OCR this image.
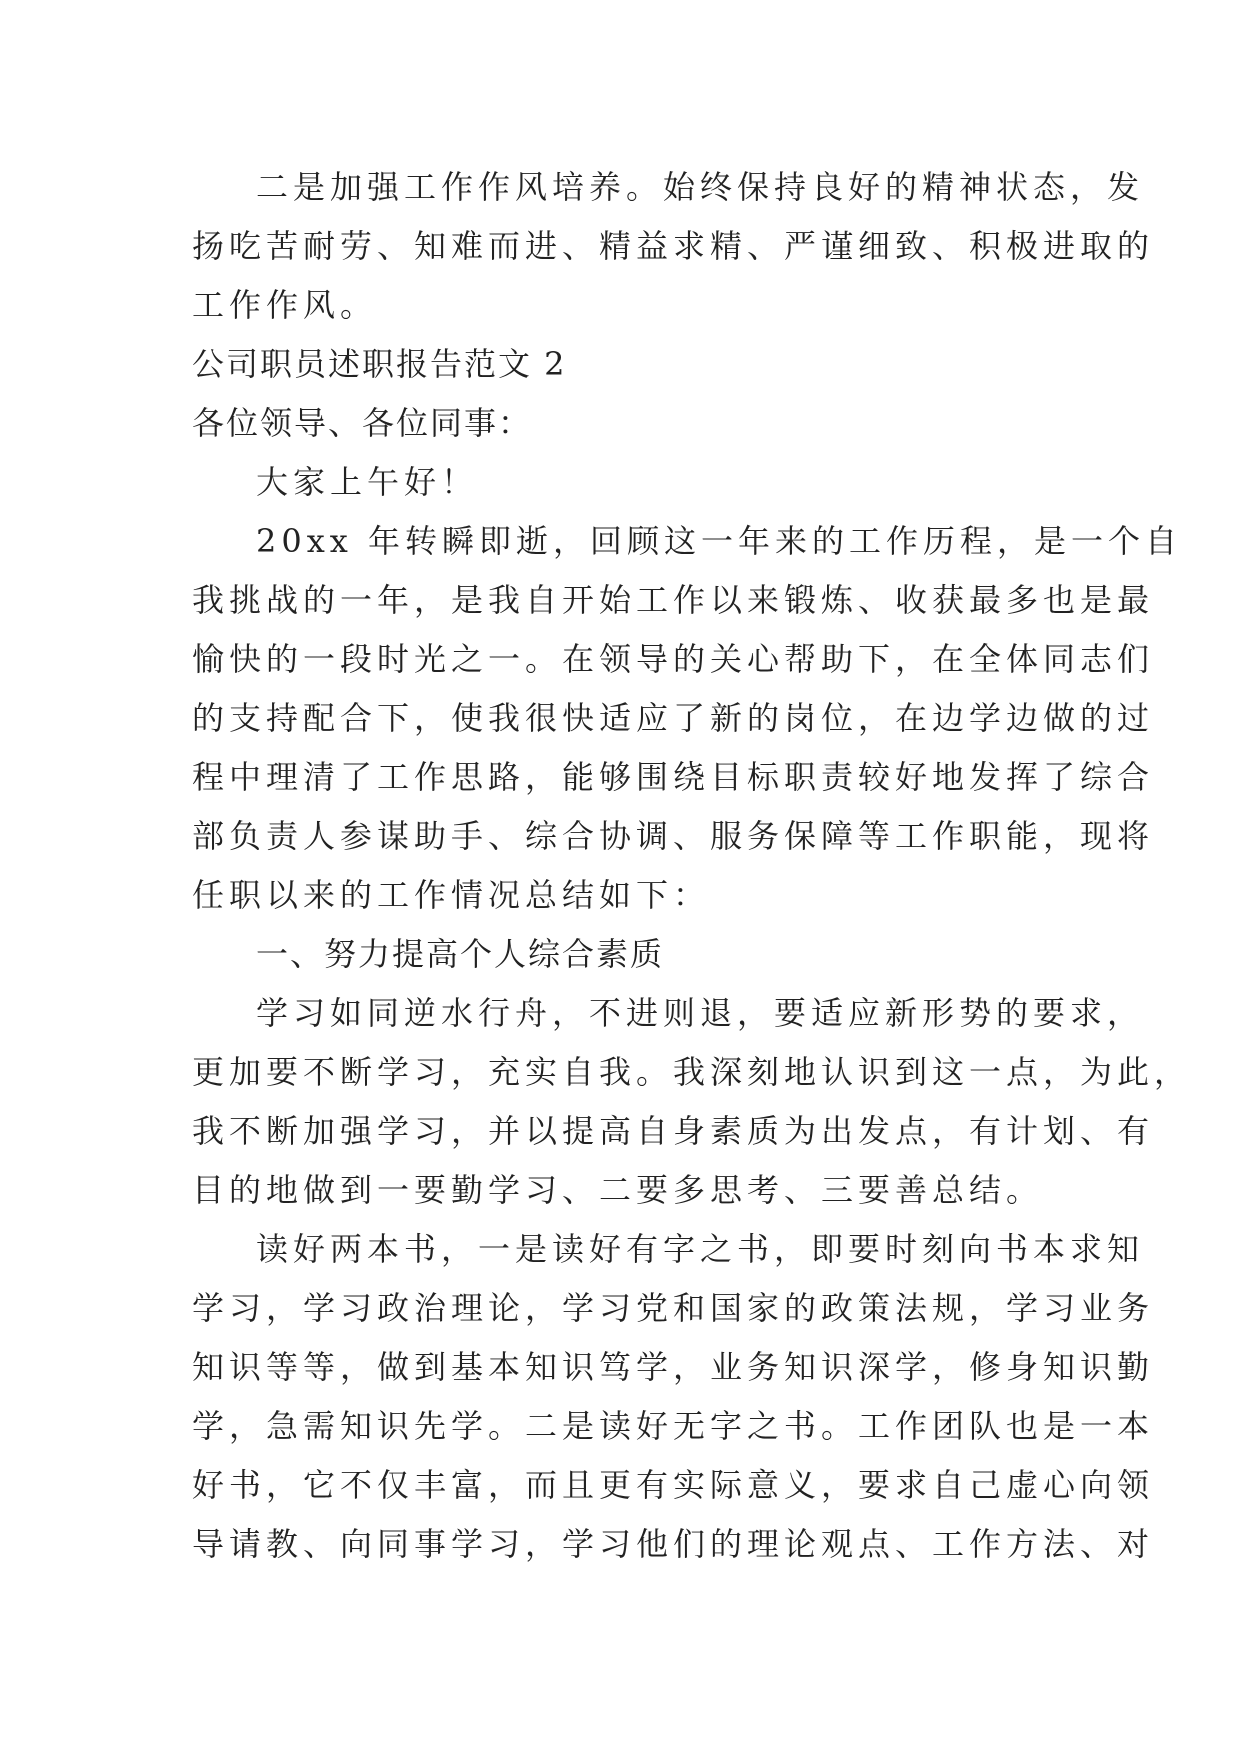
二是加强工作作风培养。始终保持良好的精神状态，发
扬吃苦耐劳、知难而进、精益求精、严谨细致、积极进取的
工作作风。
公司职员述职报告范文 2
各位领导、各位同事：
大家上午好！
20xx 年转瞬即逝，回顾这一年来的工作历程，是一个自
我挑战的一年，是我自开始工作以来锻炼、收获最多也是最
愉快的一段时光之一。在领导的关心帮助下，在全体同志们
的支持配合下，使我很快适应了新的岗位，在边学边做的过
程中理清了工作思路，能够围绕目标职责较好地发挥了综合
部负责人参谋助手、综合协调、服务保障等工作职能，现将
任职以来的工作情况总结如下：
一、努力提高个人综合素质
学习如同逆水行舟，不进则退，要适应新形势的要求，
更加要不断学习，充实自我。我深刻地认识到这一点，为此，
我不断加强学习，并以提高自身素质为出发点，有计划、有
目的地做到一要勤学习、二要多思考、三要善总结。
读好两本书，一是读好有字之书，即要时刻向书本求知
学习，学习政治理论，学习党和国家的政策法规，学习业务
知识等等，做到基本知识笃学，业务知识深学，修身知识勤
学，急需知识先学。二是读好无字之书。工作团队也是一本
好书，它不仅丰富，而且更有实际意义，要求自己虚心向领
导请教、向同事学习，学习他们的理论观点、工作方法、对
